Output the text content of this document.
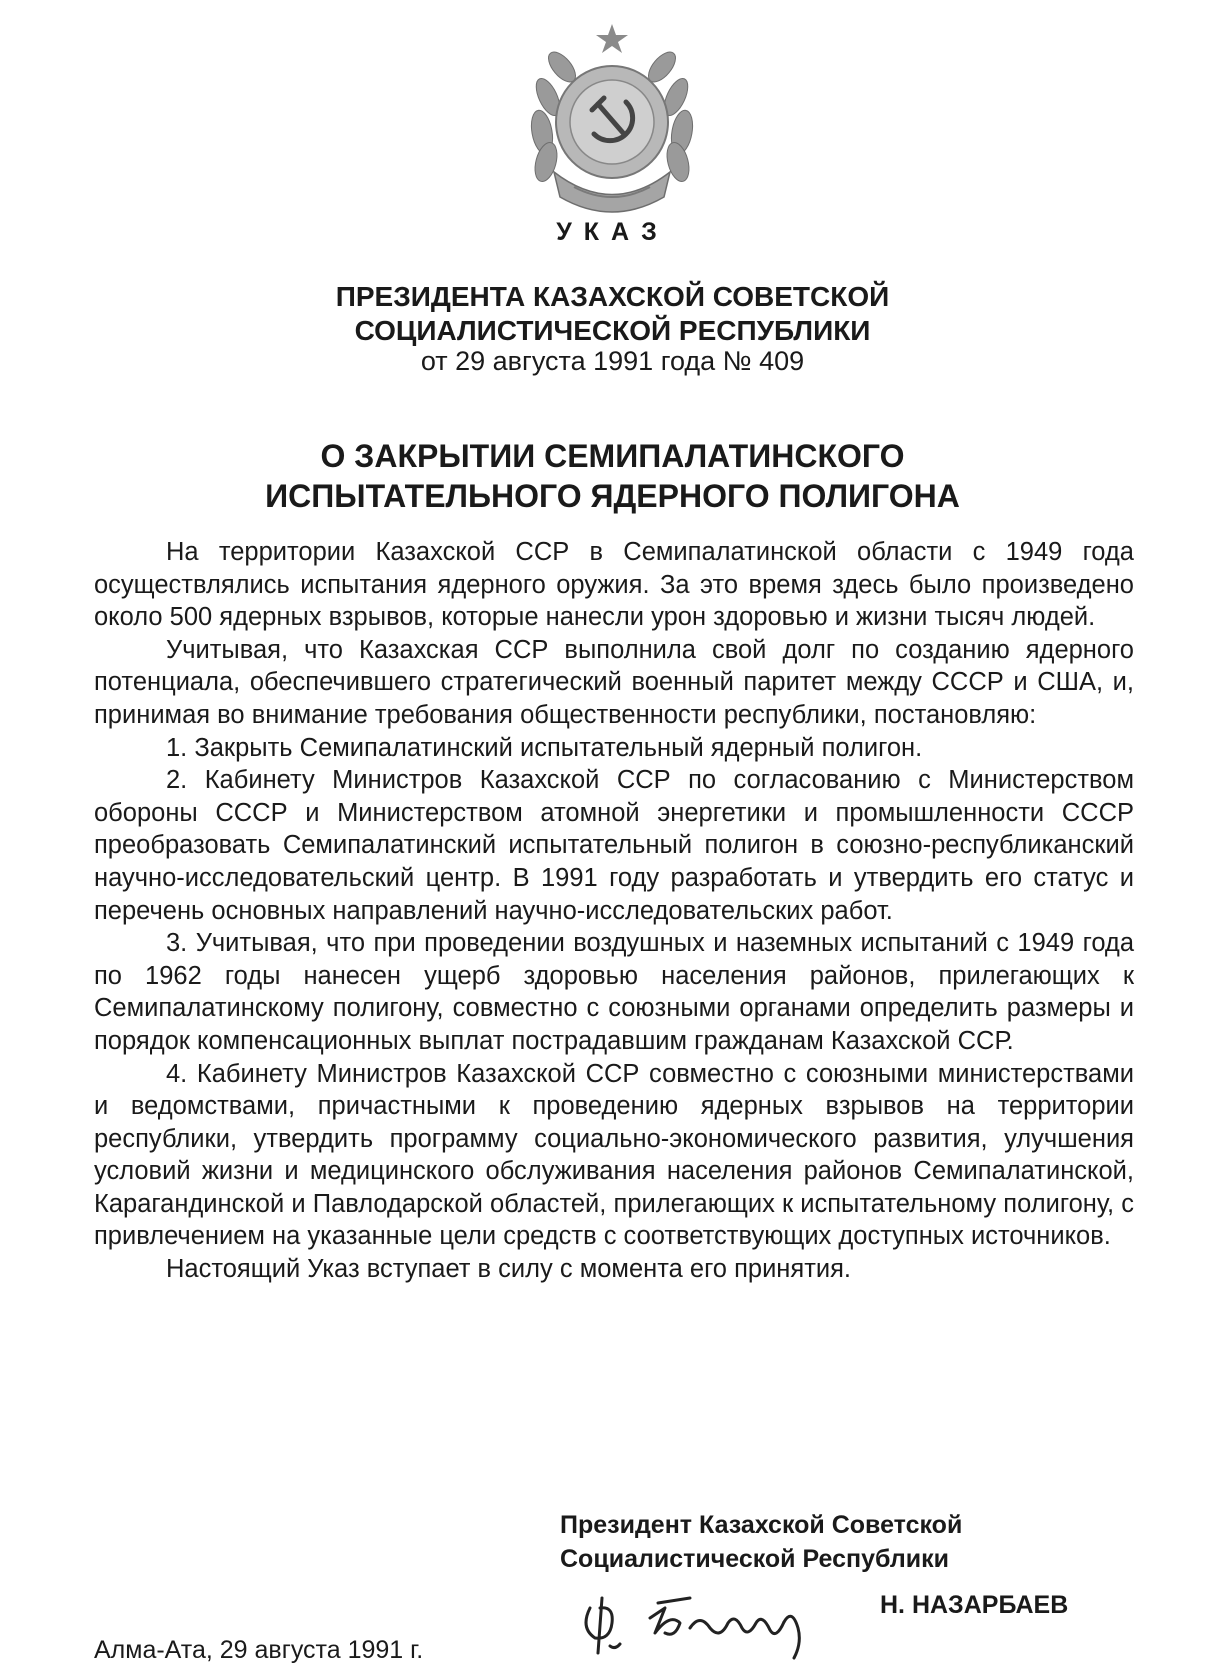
УКАЗ
ПРЕЗИДЕНТА КАЗАХСКОЙ СОВЕТСКОЙ
СОЦИАЛИСТИЧЕСКОЙ РЕСПУБЛИКИ
от 29 августа 1991 года № 409
О ЗАКРЫТИИ СЕМИПАЛАТИНСКОГО
ИСПЫТАТЕЛЬНОГО ЯДЕРНОГО ПОЛИГОНА

На территории Казахской ССР в Семипалатинской области с 1949 года осуществлялись испытания ядерного оружия. За это время здесь было произведено около 500 ядерных взрывов, которые нанесли урон здоровью и жизни тысяч людей.

Учитывая, что Казахская ССР выполнила свой долг по созданию ядерного потенциала, обеспечившего стратегический военный паритет между СССР и США, и, принимая во внимание требования общественности республики, постановляю:

1. Закрыть Семипалатинский испытательный ядерный полигон.

2. Кабинету Министров Казахской ССР по согласованию с Министерством обороны СССР и Министерством атомной энергетики и промышленности СССР преобразовать Семипалатинский испытательный полигон в союзно-республиканский научно-исследовательский центр. В 1991 году разработать и утвердить его статус и перечень основных направлений научно-исследовательских работ.

3. Учитывая, что при проведении воздушных и наземных испытаний с 1949 года по 1962 годы нанесен ущерб здоровью населения районов, прилегающих к Семипалатинскому полигону, совместно с союзными органами определить размеры и порядок компенсационных выплат пострадавшим гражданам Казахской ССР.

4. Кабинету Министров Казахской ССР совместно с союзными министерствами и ведомствами, причастными к проведению ядерных взрывов на территории республики, утвердить программу социально-экономического развития, улучшения условий жизни и медицинского обслуживания населения районов Семипалатинской, Карагандинской и Павлодарской областей, прилегающих к испытательному полигону, с привлечением на указанные цели средств с соответствующих доступных источников.

Настоящий Указ вступает в силу с момента его принятия.

Президент Казахской Советской
Социалистической Республики
Н. НАЗАРБАЕВ
Алма-Ата, 29 августа 1991 г.
